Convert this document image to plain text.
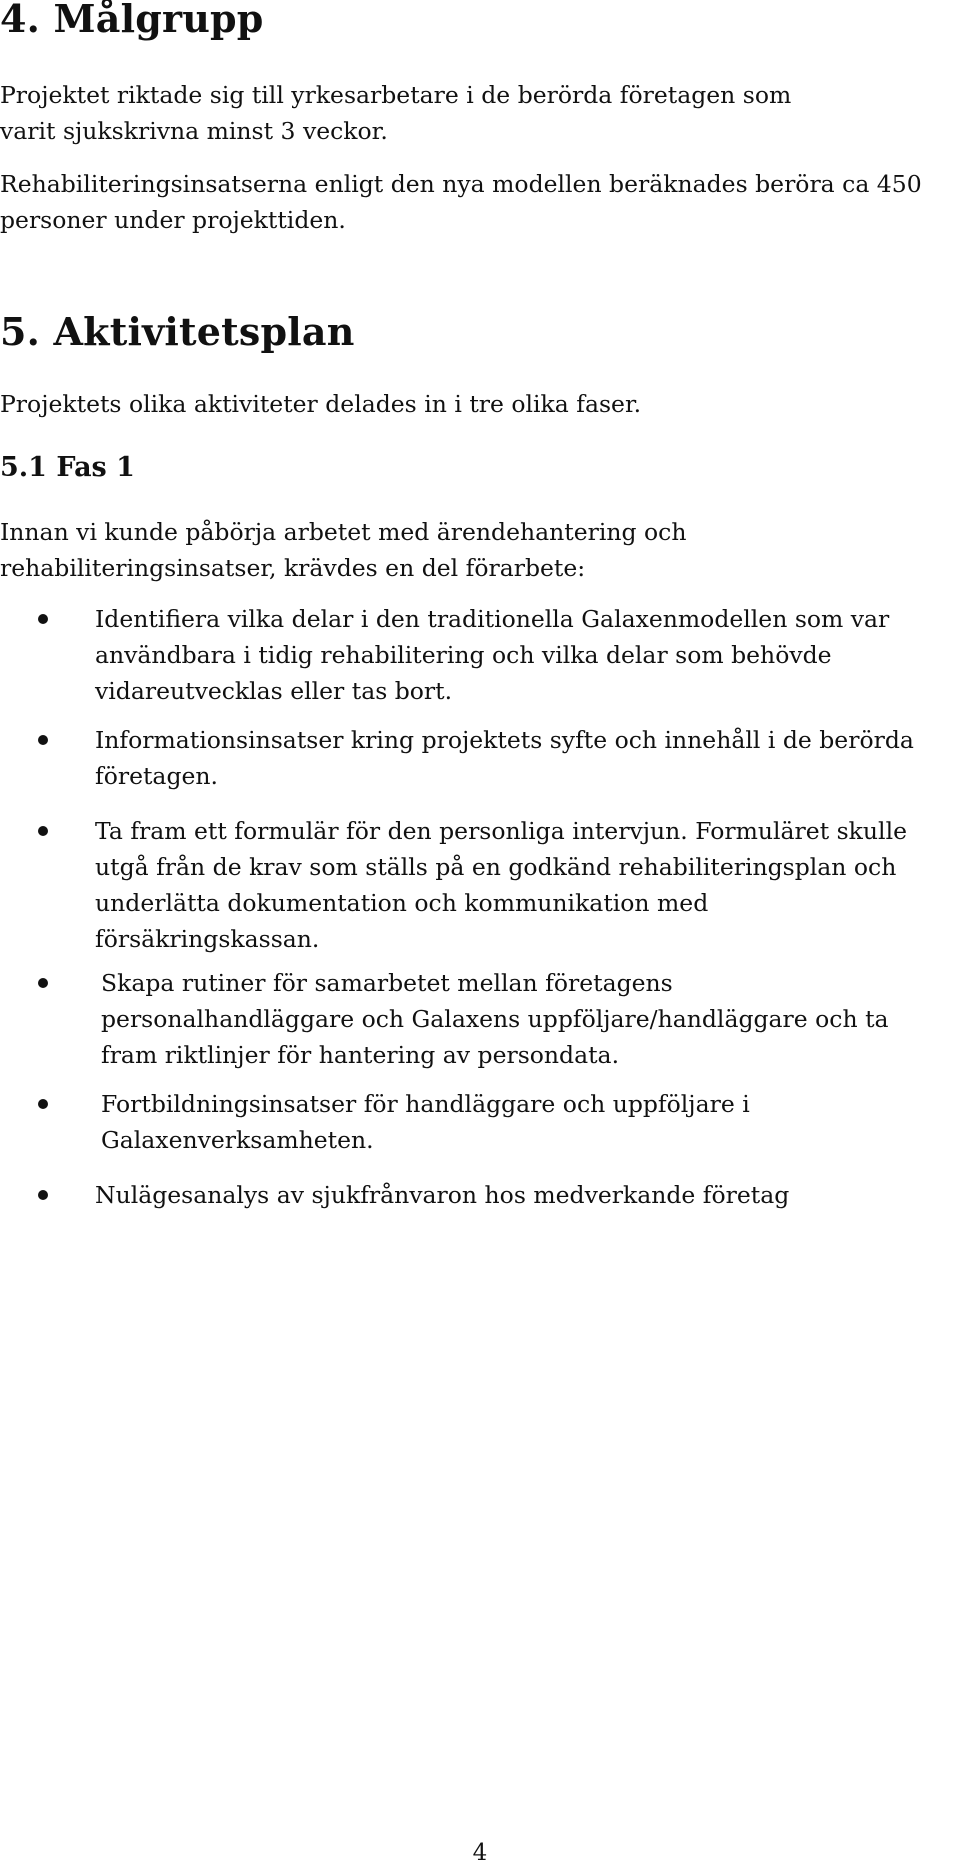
4. Målgrupp

Projektet riktade sig till yrkesarbetare i de berörda företagen som varit sjukskrivna minst 3 veckor.

Rehabiliteringsinsatserna enligt den nya modellen beräknades beröra ca 450 personer under projekttiden.

5. Aktivitetsplan

Projektets olika aktiviteter delades in i tre olika faser.

5.1 Fas 1

Innan vi kunde påbörja arbetet med ärendehantering och rehabiliteringsinsatser, krävdes en del förarbete:

Identifiera vilka delar i den traditionella Galaxenmodellen som var användbara i tidig rehabilitering och vilka delar som behövde vidareutvecklas eller tas bort.
Informationsinsatser kring projektets syfte och innehåll i de berörda företagen.
Ta fram ett formulär för den personliga intervjun. Formuläret skulle utgå från de krav som ställs på en godkänd rehabiliteringsplan och underlätta dokumentation och kommunikation med försäkringskassan.
Skapa rutiner för samarbetet mellan företagens personalhandläggare och Galaxens uppföljare/handläggare och ta fram riktlinjer för hantering av persondata.
Fortbildningsinsatser för handläggare och uppföljare i Galaxenverksamheten.
Nulägesanalys av sjukfrånvaron hos medverkande företag
4
